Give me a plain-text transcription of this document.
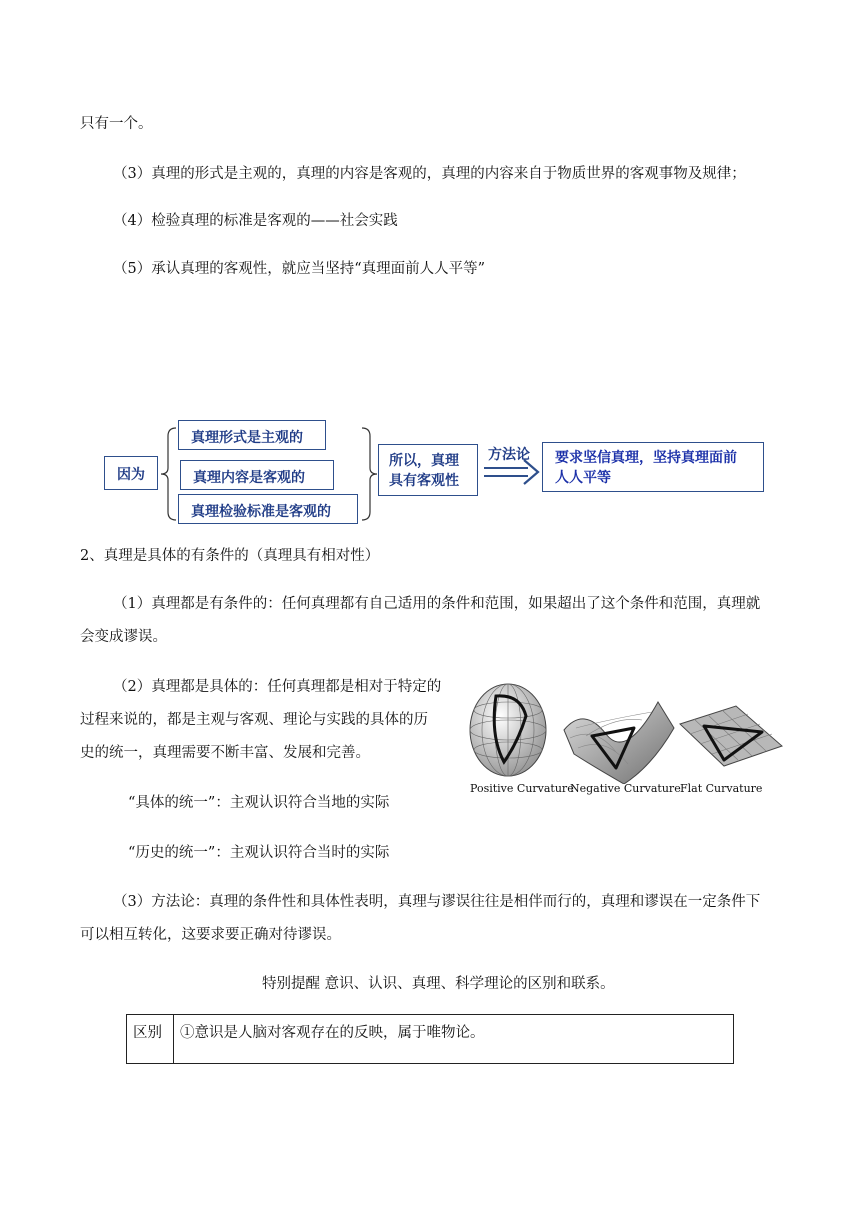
只有一个。
（3）真理的形式是主观的，真理的内容是客观的，真理的内容来自于物质世界的客观事物及规律；
（4）检验真理的标准是客观的——社会实践
（5）承认真理的客观性，就应当坚持“真理面前人人平等”
因为
真理形式是主观的
真理内容是客观的
真理检验标准是客观的
所以，真理
具有客观性
方法论 要求坚信真理，坚持真理面前
人人平等
2、真理是具体的有条件的（真理具有相对性）
（1）真理都是有条件的：任何真理都有自己适用的条件和范围，如果超出了这个条件和范围，真理就
会变成谬误。
（2）真理都是具体的：任何真理都是相对于特定的
过程来说的，都是主观与客观、理论与实践的具体的历
史的统一，真理需要不断丰富、发展和完善。
“具体的统一”：主观认识符合当地的实际
“历史的统一”：主观认识符合当时的实际
（3）方法论：真理的条件性和具体性表明，真理与谬误往往是相伴而行的，真理和谬误在一定条件下
可以相互转化，这要求要正确对待谬误。
特别提醒 意识、认识、真理、科学理论的区别和联系。
Positive Curvature
Negative Curvature Flat Curvature
区别	①意识是人脑对客观存在的反映，属于唯物论。
